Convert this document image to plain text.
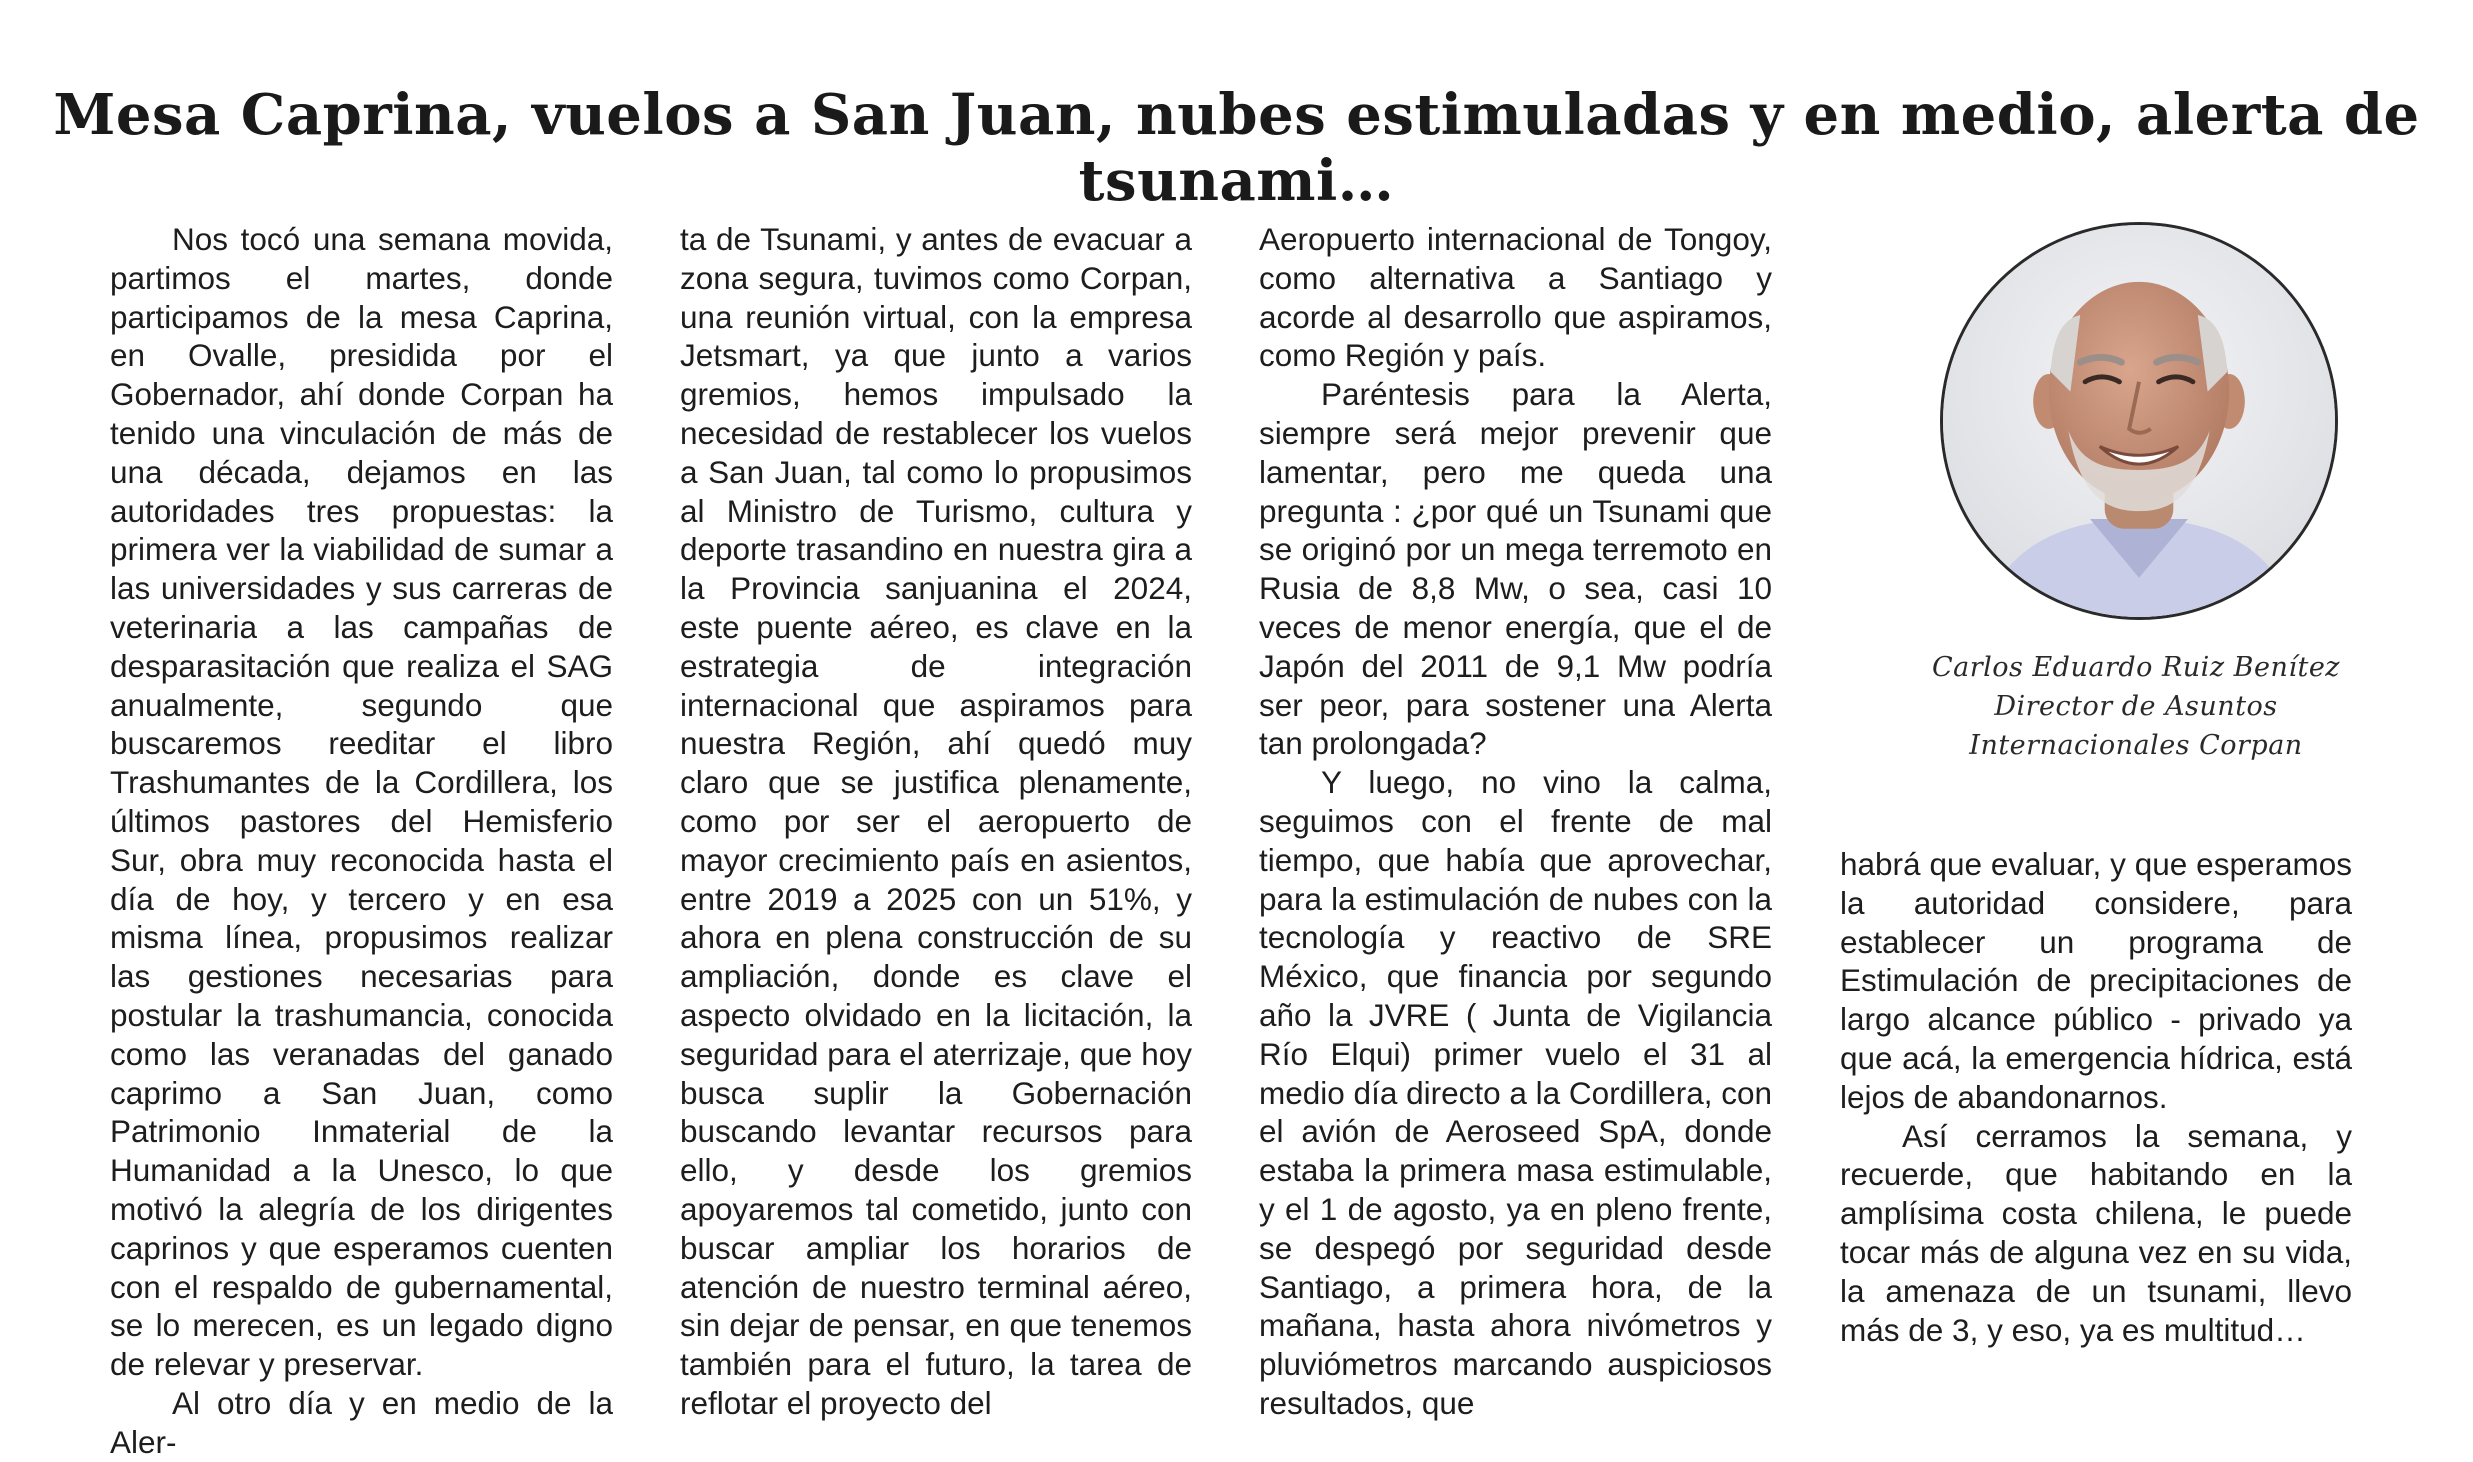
Mesa Caprina, vuelos a San Juan, nubes estimuladas y en medio, alerta de tsunami…

Nos tocó una semana movida, partimos el martes, donde participamos de la mesa Caprina, en Ovalle, presidida por el Gobernador, ahí donde Corpan ha tenido una vinculación de más de una década, dejamos en las autoridades tres propuestas: la primera ver la viabilidad de sumar a las universidades y sus carreras de veterinaria a las campañas de desparasitación que realiza el SAG anualmente, segundo que buscaremos reeditar el libro Trashumantes de la Cordillera, los últimos pastores del Hemisferio Sur, obra muy reconocida hasta el día de hoy, y tercero y en esa misma línea, propusimos realizar las gestiones necesarias para postular la trashumancia, conocida como las veranadas del ganado caprimo a San Juan, como Patrimonio Inmaterial de la Humanidad a la Unesco, lo que motivó la alegría de los dirigentes caprinos y que esperamos cuenten con el respaldo de gubernamental, se lo merecen, es un legado digno de relevar y preservar.

Al otro día y en medio de la Aler-

ta de Tsunami, y antes de evacuar a zona segura, tuvimos como Corpan, una reunión virtual, con la empresa Jetsmart, ya que junto a varios gremios, hemos impulsado la necesidad de restablecer los vuelos a San Juan, tal como lo propusimos al Ministro de Turismo, cultura y deporte trasandino en nuestra gira a la Provincia sanjuanina el 2024, este puente aéreo, es clave en la estrategia de integración internacional que aspiramos para nuestra Región, ahí quedó muy claro que se justifica plenamente, como por ser el aeropuerto de mayor crecimiento país en asientos, entre 2019 a 2025 con un 51%, y ahora en plena construcción de su ampliación, donde es clave el aspecto olvidado en la licitación, la seguridad para el aterrizaje, que hoy busca suplir la Gobernación buscando levantar recursos para ello, y desde los gremios apoyaremos tal cometido, junto con buscar ampliar los horarios de atención de nuestro terminal aéreo, sin dejar de pensar, en que tenemos también para el futuro, la tarea de reflotar el proyecto del

Aeropuerto internacional de Tongoy, como alternativa a Santiago y acorde al desarrollo que aspiramos, como Región y país.

Paréntesis para la Alerta, siempre será mejor prevenir que lamentar, pero me queda una pregunta : ¿por qué un Tsunami que se originó por un mega terremoto en Rusia de 8,8 Mw, o sea, casi 10 veces de menor energía, que el de Japón del 2011 de 9,1 Mw podría ser peor, para sostener una Alerta tan prolongada?

Y luego, no vino la calma, seguimos con el frente de mal tiempo, que había que aprovechar, para la estimulación de nubes con la tecnología y reactivo de SRE México, que financia por segundo año la JVRE ( Junta de Vigilancia Río Elqui) primer vuelo el 31 al medio día directo a la Cordillera, con el avión de Aeroseed SpA, donde estaba la primera masa estimulable, y el 1 de agosto, ya en pleno frente, se despegó por seguridad desde Santiago, a primera hora, de la mañana, hasta ahora nivómetros y pluviómetros marcando auspiciosos resultados, que

Carlos Eduardo Ruiz Benítez
Director de Asuntos
Internacionales Corpan

habrá que evaluar, y que esperamos la autoridad considere, para establecer un programa de Estimulación de precipitaciones de largo alcance público - privado ya que acá, la emergencia hídrica, está lejos de abandonarnos.

Así cerramos la semana, y recuerde, que habitando en la amplísima costa chilena, le puede tocar más de alguna vez en su vida, la amenaza de un tsunami, llevo más de 3, y eso, ya es multitud…
